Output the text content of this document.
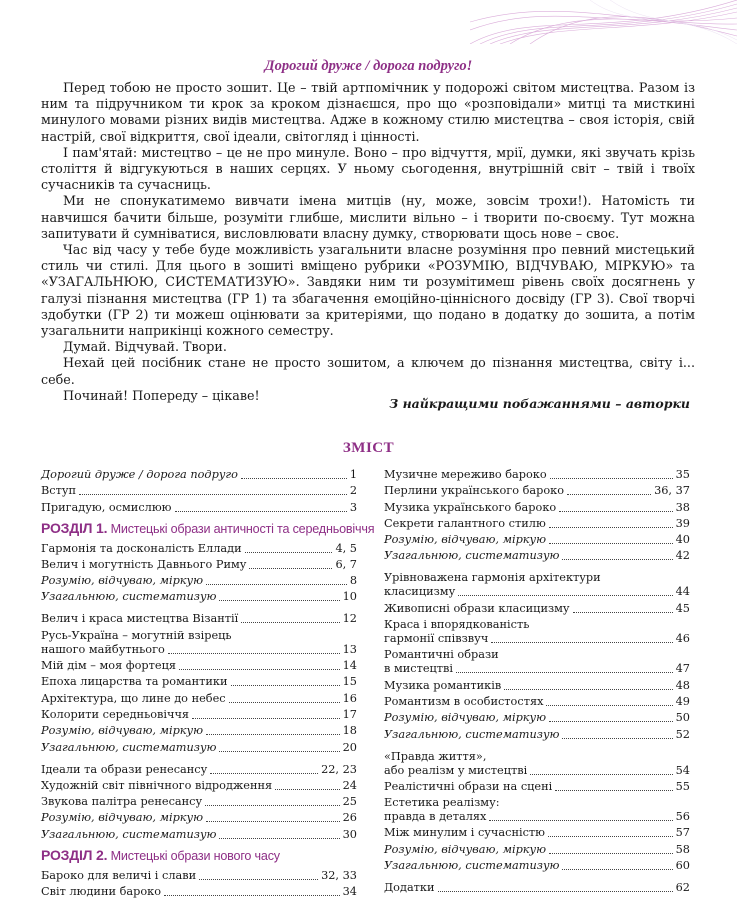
Дорогий друже / дорога подруго!

Перед тобою не просто зошит. Це – твій артпомічник у подорожі світом мистецтва. Разом із ним та підручником ти крок за кроком дізнаєшся, про що «розповідали» митці та мисткині минулого мовами різних видів мистецтва. Адже в кожному стилю мистецтва – своя історія, свій настрій, свої відкриття, свої ідеали, світогляд і цінності.

І пам'ятай: мистецтво – це не про минуле. Воно – про відчуття, мрії, думки, які звучать крізь століття й відгукуються в наших серцях. У ньому сьогодення, внутрішній світ – твій і твоїх сучасників та сучасниць.

Ми не спонукатимемо вивчати імена митців (ну, може, зовсім трохи!). Натомість ти навчишся бачити більше, розуміти глибше, мислити вільно – і творити по-своєму. Тут можна запитувати й сумніватися, висловлювати власну думку, створювати щось нове – своє.

Час від часу у тебе буде можливість узагальнити власне розуміння про певний мистецький стиль чи стилі. Для цього в зошиті вміщено рубрики «РОЗУМІЮ, ВІДЧУВАЮ, МІРКУЮ» та «УЗАГАЛЬНЮЮ, СИСТЕМАТИЗУЮ». Завдяки ним ти розумітимеш рівень своїх досягнень у галузі пізнання мистецтва (ГР 1) та збагачення емоційно-ціннісного досвіду (ГР 3). Свої творчі здобутки (ГР 2) ти можеш оцінювати за критеріями, що подано в додатку до зошита, а потім узагальнити наприкінці кожного семестру.

Думай. Відчувай. Твори.

Нехай цей посібник стане не просто зошитом, а ключем до пізнання мистецтва, світу і... себе.

Починай! Попереду – цікаве!

З найкращими побажаннями – авторки
ЗМІСТ
Дорогий друже / дорога подруго	1
Вступ	2
Пригадую, осмислюю	3
РОЗДІЛ 1. Мистецькі образи античності та середньовіччя
Гармонія та досконалість Еллади	4, 5
Велич і могутність Давнього Риму	6, 7
Розумію, відчуваю, міркую	8
Узагальнюю, систематизую	10
Велич і краса мистецтва Візантії	12
Русь-Україна – могутній взірець
нашого майбутнього	13
Мій дім – моя фортеця	14
Епоха лицарства та романтики	15
Архітектура, що лине до небес	16
Колорити середньовіччя	17
Розумію, відчуваю, міркую	18
Узагальнюю, систематизую	20
Ідеали та образи ренесансу	22, 23
Художній світ північного відродження	24
Звукова палітра ренесансу	25
Розумію, відчуваю, міркую	26
Узагальнюю, систематизую	30
РОЗДІЛ 2. Мистецькі образи нового часу
Бароко для величі і слави	32, 33
Світ людини бароко	34
Музичне мереживо бароко	35
Перлини українського бароко	36, 37
Музика українського бароко	38
Секрети галантного стилю	39
Розумію, відчуваю, міркую	40
Узагальнюю, систематизую	42
Урівноважена гармонія архітектури
класицизму	44
Живописні образи класицизму	45
Краса і впорядкованість
гармонії співзвуч	46
Романтичні образи
в мистецтві	47
Музика романтиків	48
Романтизм в особистостях	49
Розумію, відчуваю, міркую	50
Узагальнюю, систематизую	52
«Правда життя»,
або реалізм у мистецтві	54
Реалістичні образи на сцені	55
Естетика реалізму:
правда в деталях	56
Між минулим і сучасністю	57
Розумію, відчуваю, міркую	58
Узагальнюю, систематизую	60
Додатки	62
